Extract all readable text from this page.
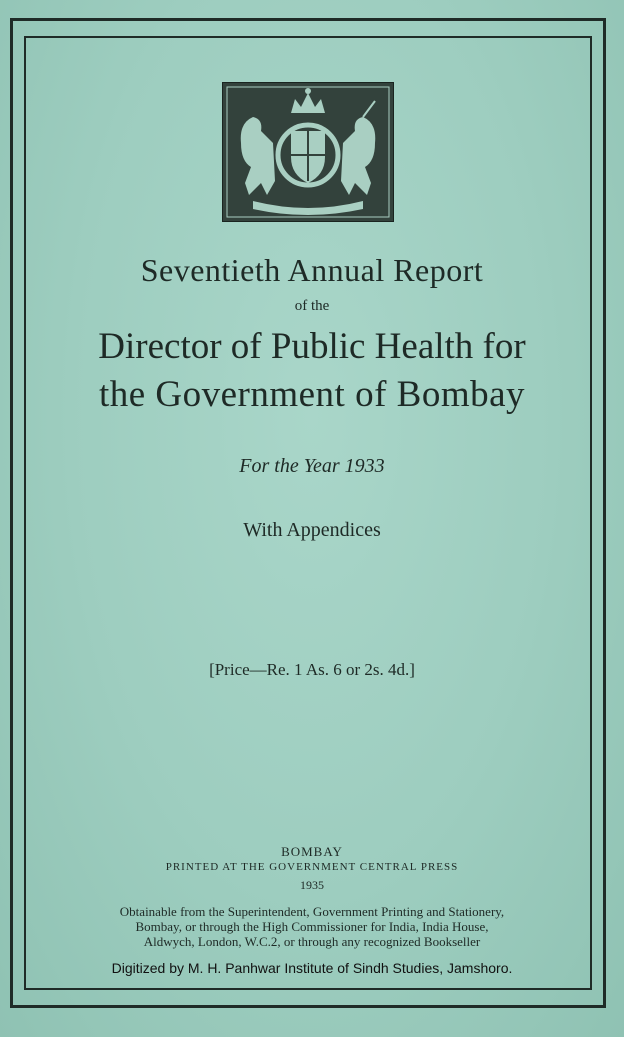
Seventieth Annual Report
of the
Director of Public Health for
the Government of Bombay
For the Year 1933
With Appendices
[Price—Re. 1 As. 6 or 2s. 4d.]
BOMBAY
PRINTED AT THE GOVERNMENT CENTRAL PRESS
1935
Obtainable from the Superintendent, Government Printing and Stationery,
Bombay, or through the High Commissioner for India, India House,
Aldwych, London, W.C.2, or through any recognized Bookseller
Digitized by M. H. Panhwar Institute of Sindh Studies, Jamshoro.
